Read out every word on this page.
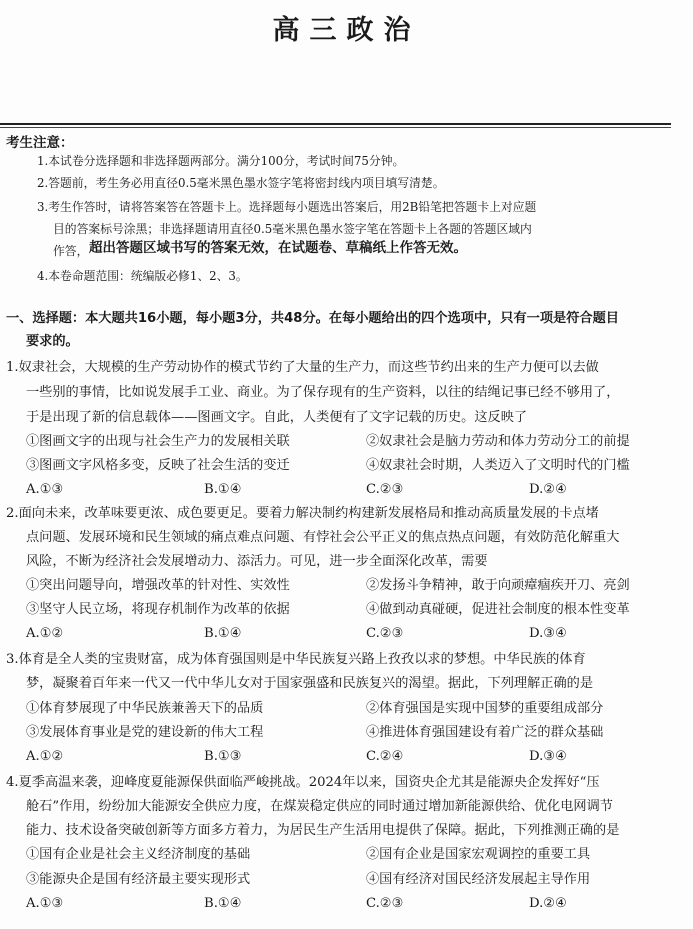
高三政治
考生注意：
1.本试卷分选择题和非选择题两部分。满分100分，考试时间75分钟。
2.答题前，考生务必用直径0.5毫米黑色墨水签字笔将密封线内项目填写清楚。
3.考生作答时，请将答案答在答题卡上。选择题每小题选出答案后，用2B铅笔把答题卡上对应题
目的答案标号涂黑；非选择题请用直径0.5毫米黑色墨水签字笔在答题卡上各题的答题区域内
作答， 超出答题区域书写的答案无效，在试题卷、草稿纸上作答无效。
4.本卷命题范围：统编版必修1、2、3。
一、选择题：本大题共16小题，每小题3分，共48分。在每小题给出的四个选项中，只有一项是符合题目
要求的。
1.奴隶社会，大规模的生产劳动协作的模式节约了大量的生产力，而这些节约出来的生产力便可以去做
一些别的事情，比如说发展手工业、商业。为了保存现有的生产资料，以往的结绳记事已经不够用了，
于是出现了新的信息载体——图画文字。自此，人类便有了文字记载的历史。这反映了
①图画文字的出现与社会生产力的发展相关联	②奴隶社会是脑力劳动和体力劳动分工的前提
③图画文字风格多变，反映了社会生活的变迁	④奴隶社会时期，人类迈入了文明时代的门槛
A.①③	B.①④	C.②③	D.②④
2.面向未来，改革味要更浓、成色要更足。要着力解决制约构建新发展格局和推动高质量发展的卡点堵
点问题、发展环境和民生领域的痛点难点问题、有悖社会公平正义的焦点热点问题，有效防范化解重大
风险，不断为经济社会发展增动力、添活力。可见，进一步全面深化改革，需要
①突出问题导向，增强改革的针对性、实效性	②发扬斗争精神，敢于向顽瘴痼疾开刀、亮剑
③坚守人民立场，将现存机制作为改革的依据	④做到动真碰硬，促进社会制度的根本性变革
A.①②	B.①④	C.②③	D.③④
3.体育是全人类的宝贵财富，成为体育强国则是中华民族复兴路上孜孜以求的梦想。中华民族的体育
梦，凝聚着百年来一代又一代中华儿女对于国家强盛和民族复兴的渴望。据此，下列理解正确的是
①体育梦展现了中华民族兼善天下的品质	②体育强国是实现中国梦的重要组成部分
③发展体育事业是党的建设新的伟大工程	④推进体育强国建设有着广泛的群众基础
A.①②	B.①③	C.②④	D.③④
4.夏季高温来袭，迎峰度夏能源保供面临严峻挑战。2024年以来，国资央企尤其是能源央企发挥好“压
舱石”作用，纷纷加大能源安全供应力度，在煤炭稳定供应的同时通过增加新能源供给、优化电网调节
能力、技术设备突破创新等方面多方着力，为居民生产生活用电提供了保障。据此，下列推测正确的是
①国有企业是社会主义经济制度的基础	②国有企业是国家宏观调控的重要工具
③能源央企是国有经济最主要实现形式	④国有经济对国民经济发展起主导作用
A.①③	B.①④	C.②③	D.②④
